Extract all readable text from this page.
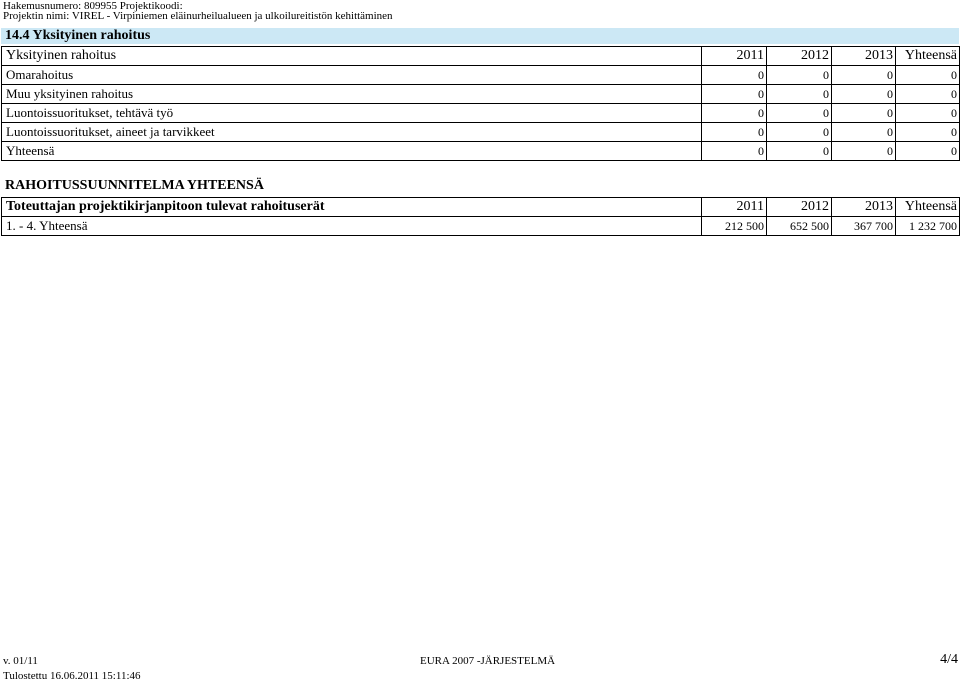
Hakemusnumero: 809955 Projektikoodi:
Projektin nimi: VIREL - Virpiniemen eläinurheilualueen ja ulkoilureitistön kehittäminen
14.4 Yksityinen rahoitus
Yksityinen rahoitus	2011	2012	2013	Yhteensä
Omarahoitus	0	0	0	0
Muu yksityinen rahoitus	0	0	0	0
Luontoissuoritukset, tehtävä työ	0	0	0	0
Luontoissuoritukset, aineet ja tarvikkeet	0	0	0	0
Yhteensä	0	0	0	0
RAHOITUSSUUNNITELMA YHTEENSÄ
Toteuttajan projektikirjanpitoon tulevat rahoituserät	2011	2012	2013	Yhteensä
1. - 4. Yhteensä	212 500	652 500	367 700	1 232 700
v. 01/11	EURA 2007 -JÄRJESTELMÄ	4/4
Tulostettu 16.06.2011 15:11:46
